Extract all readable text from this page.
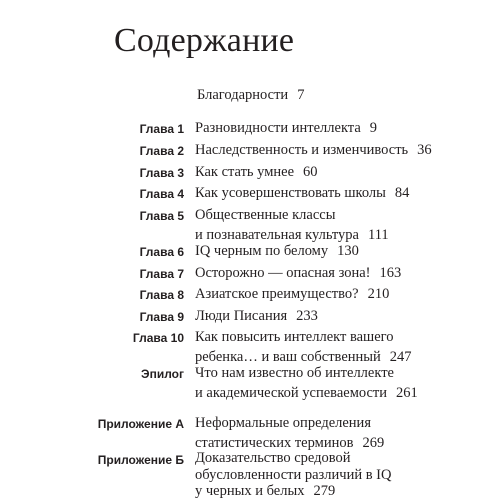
Содержание
Благодарности 7
Глава 1 Разновидности интеллекта 9
Глава 2 Наследственность и изменчивость 36
Глава 3 Как стать умнее 60
Глава 4 Как усовершенствовать школы 84
Глава 5 Общественные классы
и познавательная культура 111
Глава 6 IQ черным по белому 130
Глава 7 Осторожно — опасная зона! 163
Глава 8 Азиатское преимущество? 210
Глава 9 Люди Писания 233
Глава 10 Как повысить интеллект вашего
ребенка… и ваш собственный 247
Эпилог Что нам известно об интеллекте
и академической успеваемости 261
Приложение А Неформальные определения
статистических терминов 269
Приложение Б Доказательство средовой
обусловленности различий в IQ
у черных и белых 279
